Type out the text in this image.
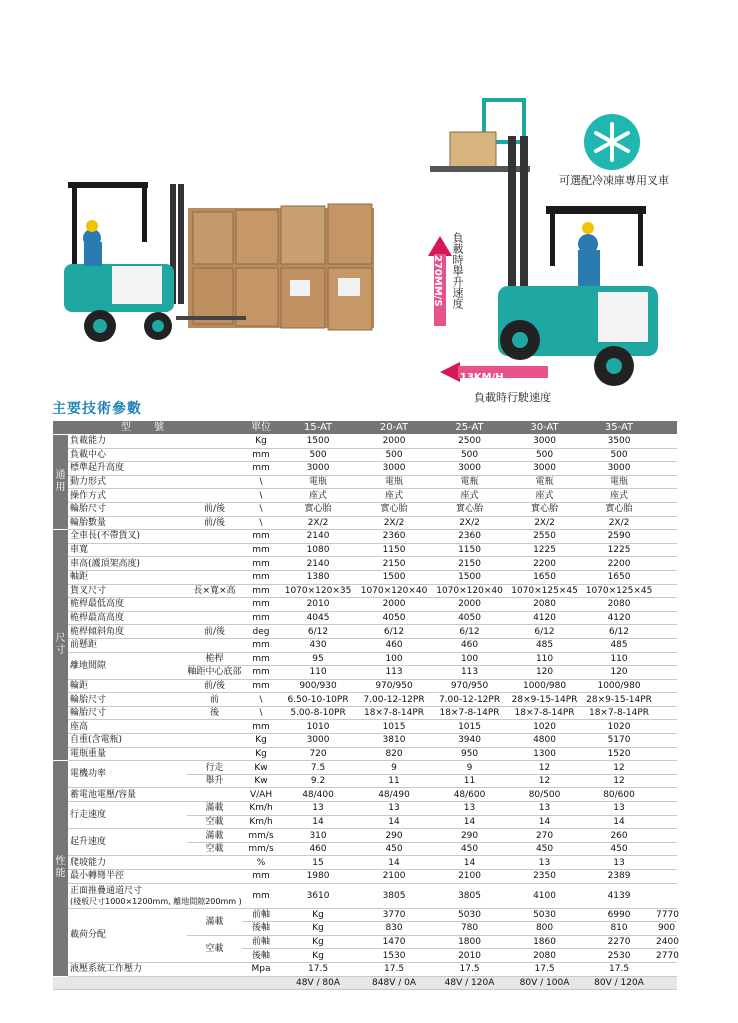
270MM/S 負載時舉升速度
可選配冷凍庫專用叉車
13KM/H
負載時行駛速度
主要技術參數
型 號			單位	15-AT	20-AT	25-AT	30-AT	35-AT		

通
用	負載能力		Kg	1500	2000	2500	3000	3500		
	負載中心		mm	500	500	500	500	500		
	標準起升高度		mm	3000	3000	3000	3000	3000		
	動力形式		\	電瓶	電瓶	電瓶	電瓶	電瓶		
	操作方式		\	座式	座式	座式	座式	座式		
	輪胎尺寸	前/後	\	實心胎	實心胎	實心胎	實心胎	實心胎		
	輪胎數量	前/後	\	2X/2	2X/2	2X/2	2X/2	2X/2		

尺
寸	全車長(不帶貨叉)		mm	2140	2360	2360	2550	2590		
	車寬		mm	1080	1150	1150	1225	1225		
	車高(護頂架高度)		mm	2140	2150	2150	2200	2200		
	軸距		mm	1380	1500	1500	1650	1650		
	貨叉尺寸	長×寬×高	mm	1070×120×35	1070×120×40	1070×120×40	1070×125×45	1070×125×45		
	桅桿最低高度		mm	2010	2000	2000	2080	2080		
	桅桿最高高度		mm	4045	4050	4050	4120	4120		
	桅桿傾斜角度	前/後	deg	6/12	6/12	6/12	6/12	6/12		
	前懸距		mm	430	460	460	485	485		
	離地間隙	桅桿	mm	95	100	100	110	110		
		軸距中心底部	mm	110	113	113	120	120		
	輪距	前/後	mm	900/930	970/950	970/950	1000/980	1000/980		
	輪胎尺寸	前	\	6.50-10-10PR	7.00-12-12PR	7.00-12-12PR	28×9-15-14PR	28×9-15-14PR		
	輪胎尺寸	後	\	5.00-8-10PR	18×7-8-14PR	18×7-8-14PR	18×7-8-14PR	18×7-8-14PR		
	座高		mm	1010	1015	1015	1020	1020		
	自重(含電瓶)		Kg	3000	3810	3940	4800	5170		
	電瓶重量		Kg	720	820	950	1300	1520		

性
能	電機功率	行走	Kw	7.5	9	9	12	12		
		舉升	Kw	9.2	11	11	12	12		
	蓄電池電壓/容量		V/AH	48/400	48/490	48/600	80/500	80/600		
	行走速度	滿載	Km/h	13	13	13	13	13		
		空載	Km/h	14	14	14	14	14		
	起升速度	滿載	mm/s	310	290	290	270	260		
		空載	mm/s	460	450	450	450	450		
	爬坡能力		%	15	14	14	13	13		
	最小轉彎半徑		mm	1980	2100	2100	2350	2389		

	正面推疊通道尺寸
(棧板尺寸1000×1200mm, 離地間隙200mm )		mm	3610	3805	3805	4100	4139		
	載荷分配	滿載	前軸	Kg	3770	5030	5030	6990	7770	
			後軸	Kg	830	780	800	810	900	
		空載	前軸	Kg	1470	1800	1860	2270	2400	
			後軸	Kg	1530	2010	2080	2530	2770	
	液壓系統工作壓力		Mpa	17.5	17.5	17.5	17.5	17.5		
				48V / 80A	848V / 0A	48V / 120A	80V / 100A	80V / 120A		
